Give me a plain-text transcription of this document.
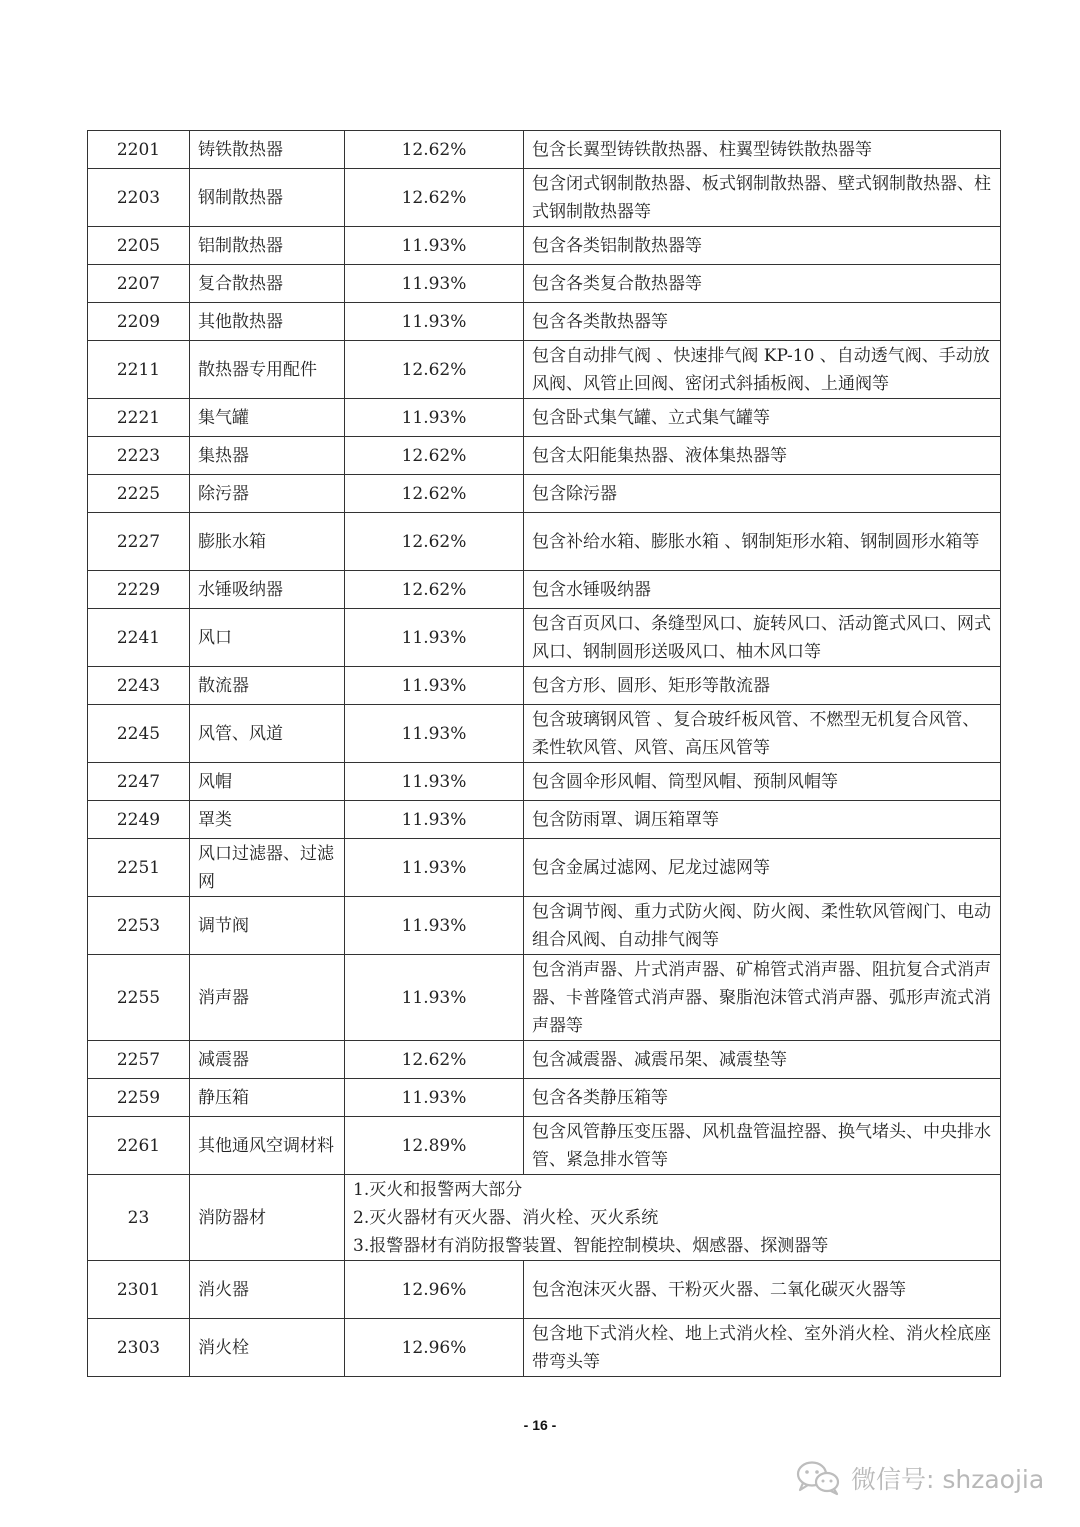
2201	铸铁散热器	12.62%	包含长翼型铸铁散热器、柱翼型铸铁散热器等
2203	钢制散热器	12.62%	包含闭式钢制散热器、板式钢制散热器、壁式钢制散热器、柱式钢制散热器等
2205	铝制散热器	11.93%	包含各类铝制散热器等
2207	复合散热器	11.93%	包含各类复合散热器等
2209	其他散热器	11.93%	包含各类散热器等
2211	散热器专用配件	12.62%	包含自动排气阀 、快速排气阀 KP-10 、自动透气阀、手动放风阀、风管止回阀、密闭式斜插板阀、上通阀等
2221	集气罐	11.93%	包含卧式集气罐、立式集气罐等
2223	集热器	12.62%	包含太阳能集热器、液体集热器等
2225	除污器	12.62%	包含除污器
2227	膨胀水箱	12.62%	包含补给水箱、膨胀水箱 、钢制矩形水箱、钢制圆形水箱等
2229	水锤吸纳器	12.62%	包含水锤吸纳器
2241	风口	11.93%	包含百页风口、条缝型风口、旋转风口、活动篦式风口、网式风口、钢制圆形送吸风口、柚木风口等
2243	散流器	11.93%	包含方形、圆形、矩形等散流器
2245	风管、风道	11.93%	包含玻璃钢风管 、复合玻纤板风管、不燃型无机复合风管、柔性软风管、风管、高压风管等
2247	风帽	11.93%	包含圆伞形风帽、筒型风帽、预制风帽等
2249	罩类	11.93%	包含防雨罩、调压箱罩等
2251	风口过滤器、过滤网	11.93%	包含金属过滤网、尼龙过滤网等
2253	调节阀	11.93%	包含调节阀、重力式防火阀、防火阀、柔性软风管阀门、电动组合风阀、自动排气阀等
2255	消声器	11.93%	包含消声器、片式消声器、矿棉管式消声器、阻抗复合式消声器、卡普隆管式消声器、聚脂泡沫管式消声器、弧形声流式消声器等
2257	减震器	12.62%	包含减震器、减震吊架、减震垫等
2259	静压箱	11.93%	包含各类静压箱等
2261	其他通风空调材料	12.89%	包含风管静压变压器、风机盘管温控器、换气堵头、中央排水管、紧急排水管等
23	消防器材	1.灭火和报警两大部分
2.灭火器材有灭火器、消火栓、灭火系统
3.报警器材有消防报警装置、智能控制模块、烟感器、探测器等	

2301	消火器	12.96%	包含泡沫灭火器、干粉灭火器、二氧化碳灭火器等
2303	消火栓	12.96%	包含地下式消火栓、地上式消火栓、室外消火栓、消火栓底座带弯头等
- 16 -
微信号: shzaojia
